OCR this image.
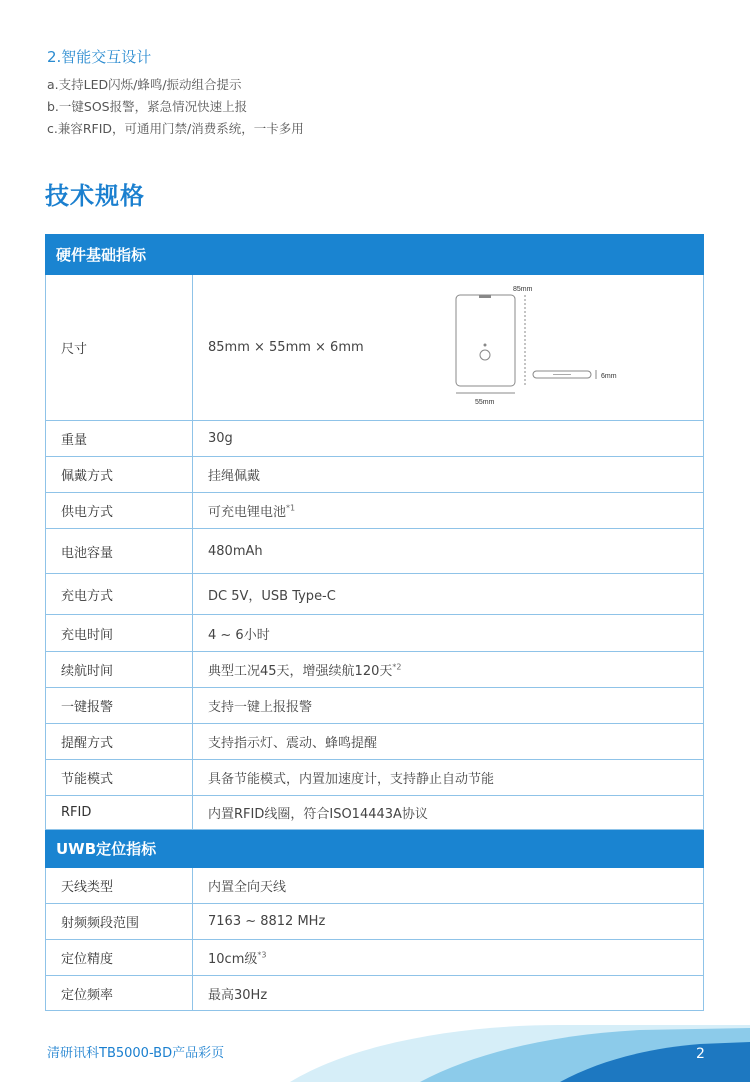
2.智能交互设计
a.支持LED闪烁/蜂鸣/振动组合提示
b.一键SOS报警，紧急情况快速上报
c.兼容RFID，可通用门禁/消费系统，一卡多用
技术规格
硬件基础指标	
尺寸	85mm × 55mm × 6mm
85mm
55mm
6mm

重量	30g
佩戴方式	挂绳佩戴
供电方式	可充电锂电池$^{*1}$
电池容量	480mAh
充电方式	DC 5V，USB Type-C
充电时间	4 ~ 6小时
续航时间	典型工况45天，增强续航120天$^{*2}$
一键报警	支持一键上报报警
提醒方式	支持指示灯、震动、蜂鸣提醒
节能模式	具备节能模式，内置加速度计，支持静止自动节能
RFID	内置RFID线圈，符合ISO14443A协议
UWB定位指标	
天线类型	内置全向天线
射频频段范围	7163 ~ 8812 MHz
定位精度	10cm级$^{*3}$
定位频率	最高30Hz
清研讯科TB5000-BD产品彩页	2
